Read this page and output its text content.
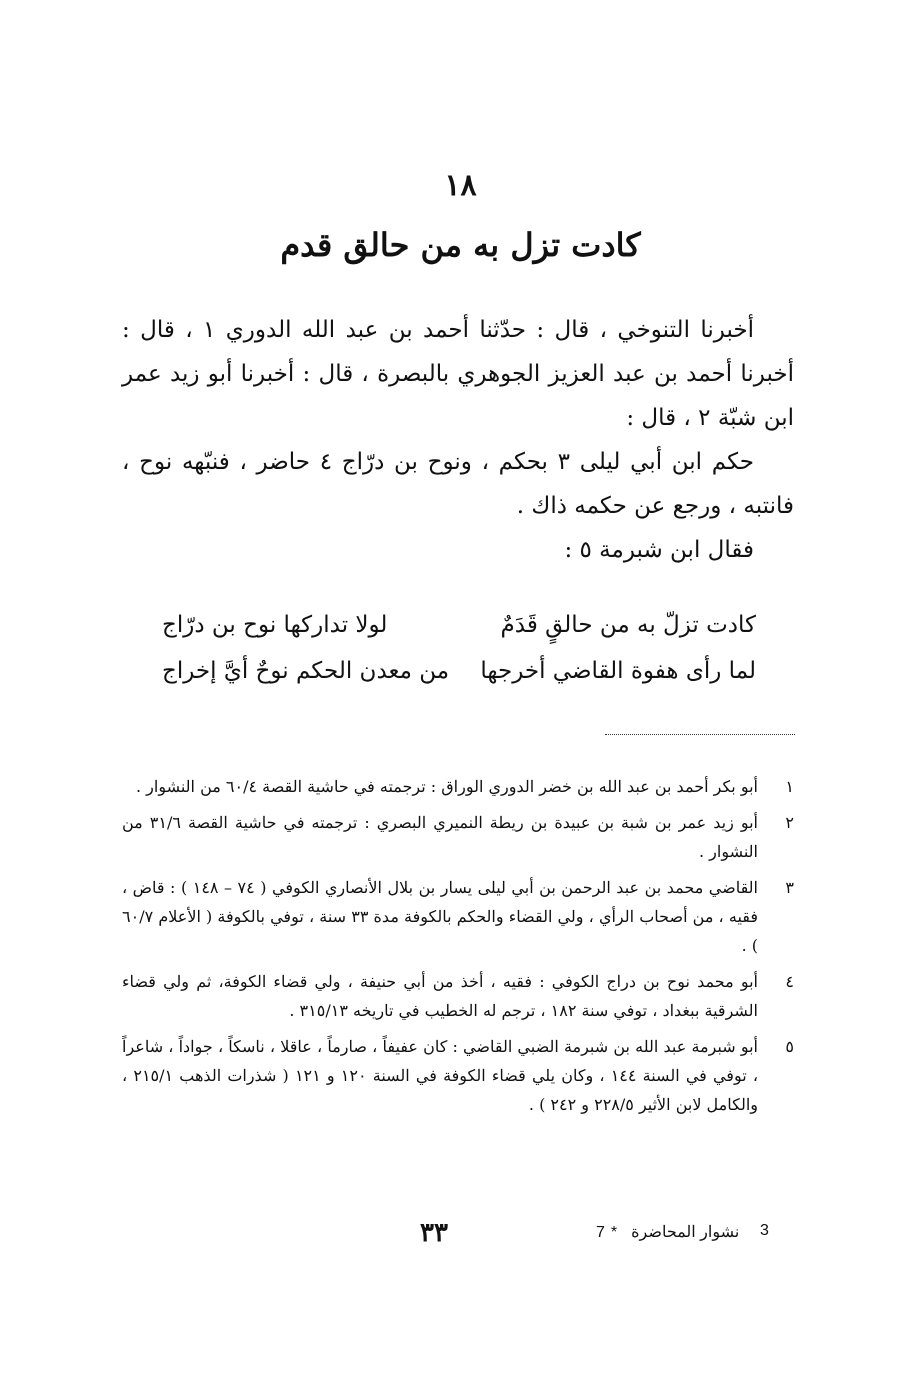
١٨
كادت تزل به من حالق قدم

أخبرنا التنوخي ، قال : حدّثنا أحمد بن عبد الله الدوري ١ ، قال : أخبرنا أحمد بن عبد العزيز الجوهري بالبصرة ، قال : أخبرنا أبو زيد عمر ابن شبّة ٢ ، قال :

حكم ابن أبي ليلى ٣ بحكم ، ونوح بن درّاج ٤ حاضر ، فنبّهه نوح ، فانتبه ، ورجع عن حكمه ذاك .

فقال ابن شبرمة ٥ :

كادت تزلّ به من حالقٍ قَدَمٌ
لولا تداركها نوح بن درّاج
لما رأى هفوة القاضي أخرجها
من معدن الحكم نوحٌ أيَّ إخراج
١
أبو بكر أحمد بن عبد الله بن خضر الدوري الوراق : ترجمته في حاشية القصة ٦٠/٤ من النشوار .
٢
أبو زيد عمر بن شبة بن عبيدة بن ريطة النميري البصري : ترجمته في حاشية القصة ٣١/٦ من النشوار .
٣
القاضي محمد بن عبد الرحمن بن أبي ليلى يسار بن بلال الأنصاري الكوفي ( ٧٤ – ١٤٨ ) : قاض ، فقيه ، من أصحاب الرأي ، ولي القضاء والحكم بالكوفة مدة ٣٣ سنة ، توفي بالكوفة ( الأعلام ٦٠/٧ ) .
٤
أبو محمد نوح بن دراج الكوفي : فقيه ، أخذ من أبي حنيفة ، ولي قضاء الكوفة، ثم ولي قضاء الشرقية ببغداد ، توفي سنة ١٨٢ ، ترجم له الخطيب في تاريخه ٣١٥/١٣ .
٥
أبو شبرمة عبد الله بن شبرمة الضبي القاضي : كان عفيفاً ، صارماً ، عاقلا ، ناسكاً ، جواداً ، شاعراً ، توفي في السنة ١٤٤ ، وكان يلي قضاء الكوفة في السنة ١٢٠ و ١٢١ ( شذرات الذهب ٢١٥/١ ، والكامل لابن الأثير ٢٢٨/٥ و ٢٤٢ ) .
٣٣	نشوار المحاضرة*7	3
